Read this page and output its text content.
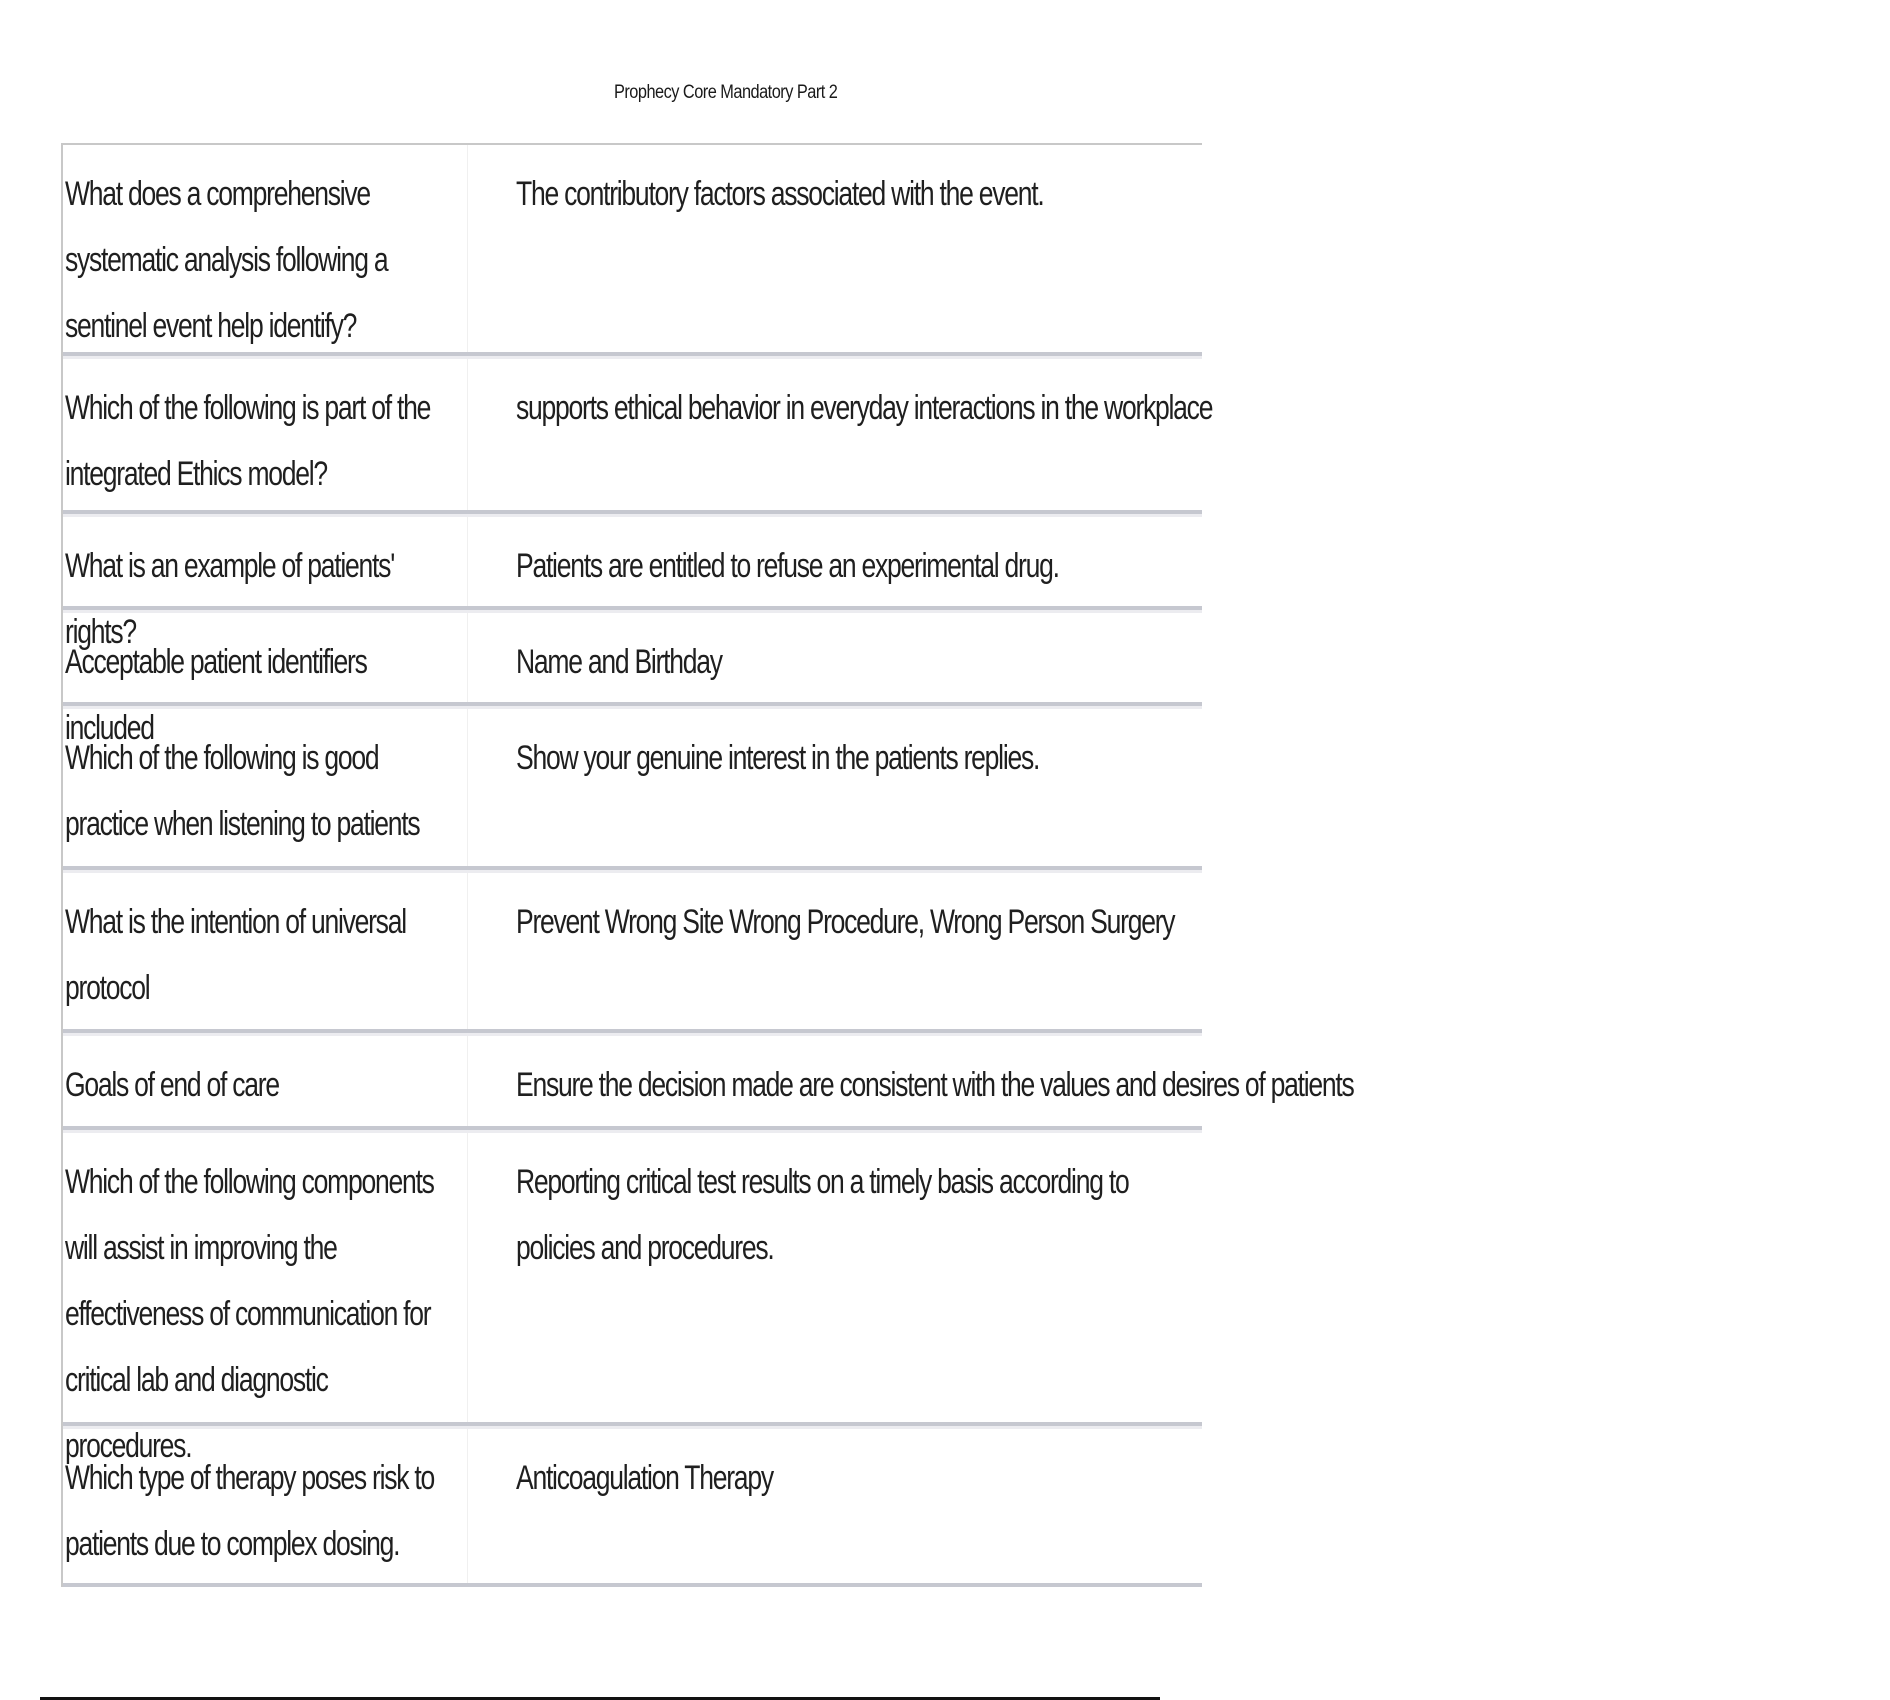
Prophecy Core Mandatory Part 2
What does a comprehensive systematic analysis following a sentinel event help identify?
The contributory factors associated with the event.
Which of the following is part of the integrated Ethics model?
supports ethical behavior in everyday interactions in the workplace
What is an example of patients' rights?
Patients are entitled to refuse an experimental drug.
Acceptable patient identifiers included
Name and Birthday
Which of the following is good practice when listening to patients
Show your genuine interest in the patients replies.
What is the intention of universal protocol
Prevent Wrong Site Wrong Procedure, Wrong Person Surgery
Goals of end of care	Ensure the decision made are consistent with the values and desires of patients
Which of the following components will assist in improving the effectiveness of communication for critical lab and diagnostic procedures.
Reporting critical test results on a timely basis according to policies and procedures.
Which type of therapy poses risk to patients due to complex dosing.
Anticoagulation Therapy
